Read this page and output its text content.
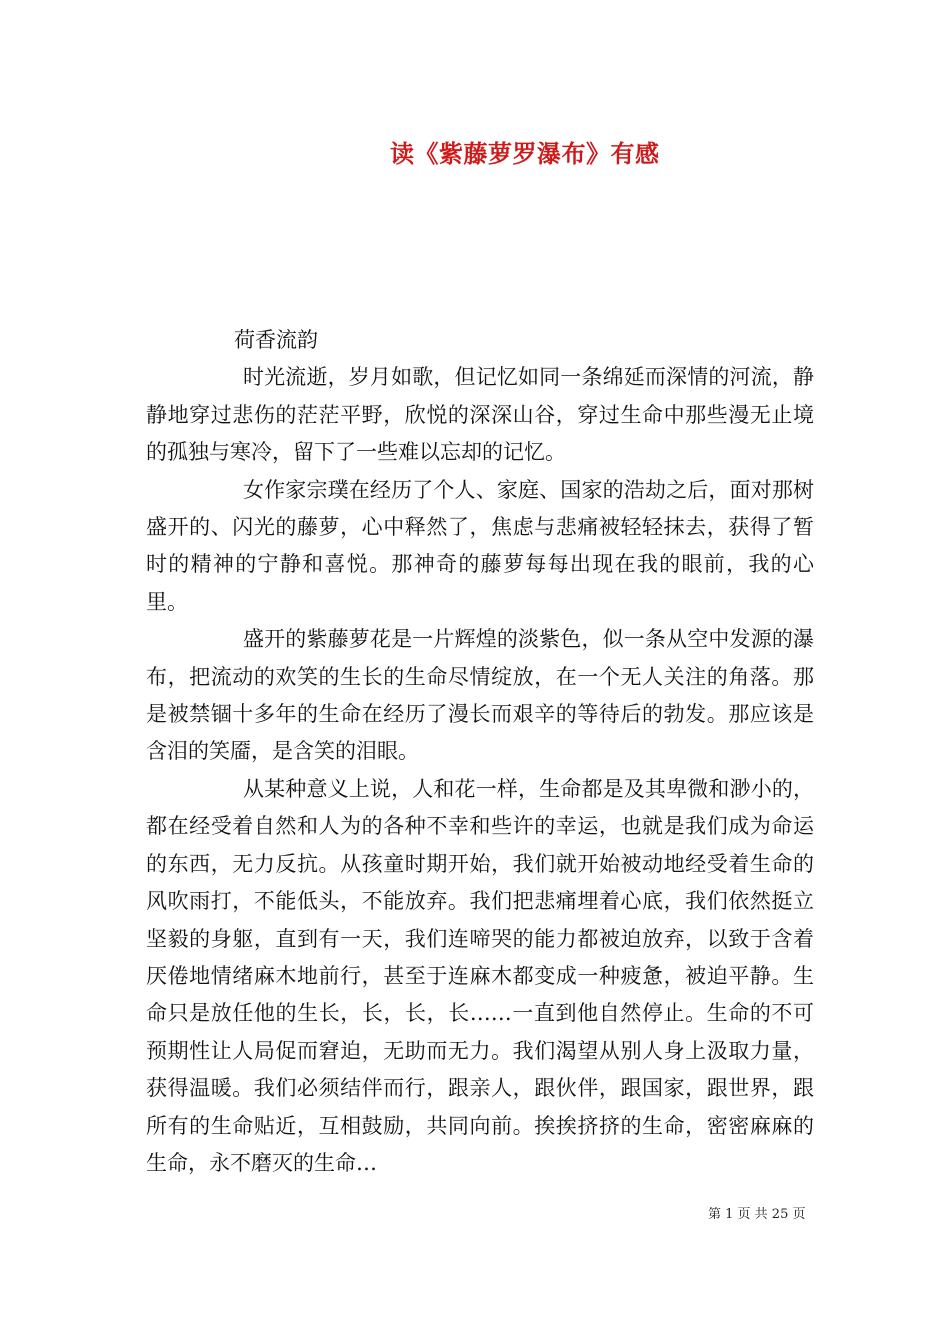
读《紫藤萝罗瀑布》有感
荷香流韵

时光流逝，岁月如歌，但记忆如同一条绵延而深情的河流，静静地穿过悲伤的茫茫平野，欣悦的深深山谷，穿过生命中那些漫无止境的孤独与寒冷，留下了一些难以忘却的记忆。

女作家宗璞在经历了个人、家庭、国家的浩劫之后，面对那树盛开的、闪光的藤萝，心中释然了，焦虑与悲痛被轻轻抹去，获得了暂时的精神的宁静和喜悦。那神奇的藤萝每每出现在我的眼前，我的心里。

盛开的紫藤萝花是一片辉煌的淡紫色，似一条从空中发源的瀑布，把流动的欢笑的生长的生命尽情绽放，在一个无人关注的角落。那是被禁锢十多年的生命在经历了漫长而艰辛的等待后的勃发。那应该是含泪的笑靥，是含笑的泪眼。

从某种意义上说，人和花一样，生命都是及其卑微和渺小的，都在经受着自然和人为的各种不幸和些许的幸运，也就是我们成为命运的东西，无力反抗。从孩童时期开始，我们就开始被动地经受着生命的风吹雨打，不能低头，不能放弃。我们把悲痛埋着心底，我们依然挺立坚毅的身躯，直到有一天，我们连啼哭的能力都被迫放弃，以致于含着厌倦地情绪麻木地前行，甚至于连麻木都变成一种疲惫，被迫平静。生命只是放任他的生长，长，长，长……一直到他自然停止。生命的不可预期性让人局促而窘迫，无助而无力。我们渴望从别人身上汲取力量，获得温暖。我们必须结伴而行，跟亲人，跟伙伴，跟国家，跟世界，跟所有的生命贴近，互相鼓励，共同向前。挨挨挤挤的生命，密密麻麻的生命，永不磨灭的生命…

第 1 页 共 25 页
